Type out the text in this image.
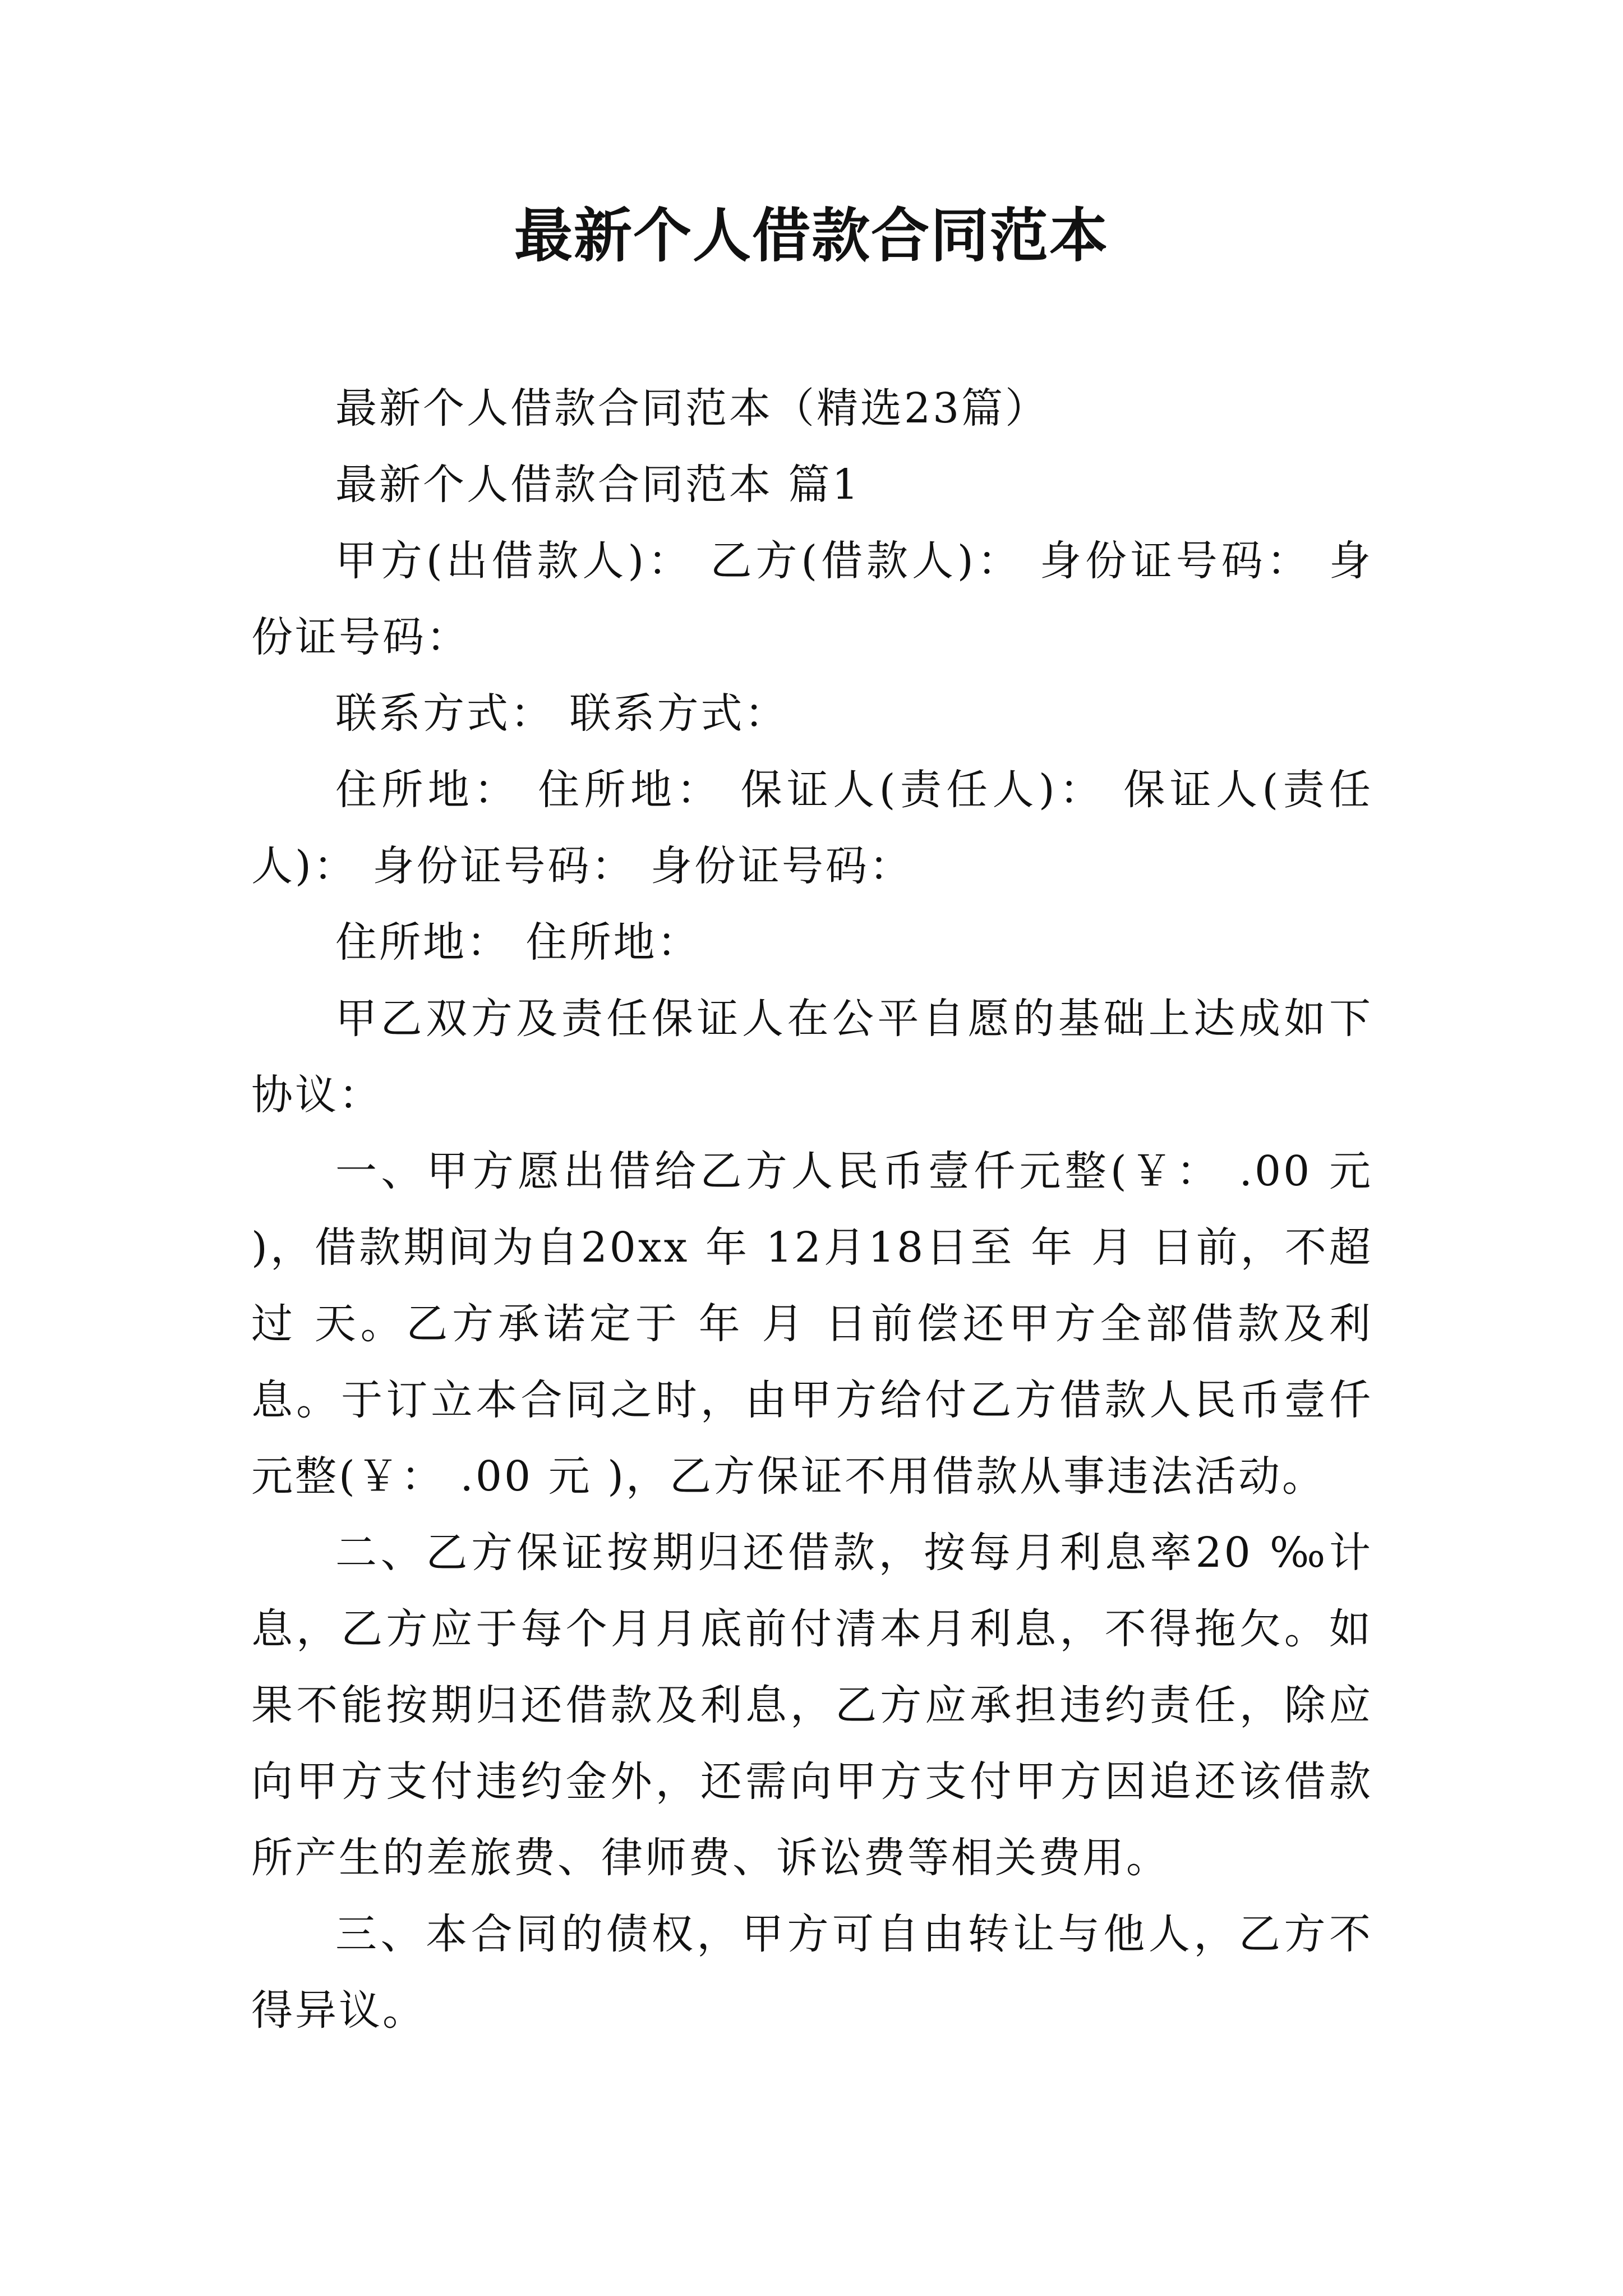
最新个人借款合同范本

最新个人借款合同范本（精选23篇）

最新个人借款合同范本 篇1

甲方(出借款人)： 乙方(借款人)： 身份证号码： 身份证号码：

联系方式： 联系方式：

住所地： 住所地： 保证人(责任人)： 保证人(责任人)： 身份证号码： 身份证号码：

住所地： 住所地：

甲乙双方及责任保证人在公平自愿的基础上达成如下协议：

一、甲方愿出借给乙方人民币壹仟元整(￥： .00 元 )，借款期间为自20xx 年 12月18日至 年 月 日前，不超过 天。乙方承诺定于 年 月 日前偿还甲方全部借款及利息。于订立本合同之时，由甲方给付乙方借款人民币壹仟元整(￥： .00 元 )，乙方保证不用借款从事违法活动。

二、乙方保证按期归还借款，按每月利息率20 ‰计息，乙方应于每个月月底前付清本月利息，不得拖欠。如果不能按期归还借款及利息，乙方应承担违约责任，除应向甲方支付违约金外，还需向甲方支付甲方因追还该借款所产生的差旅费、律师费、诉讼费等相关费用。

三、本合同的债权，甲方可自由转让与他人，乙方不得异议。
